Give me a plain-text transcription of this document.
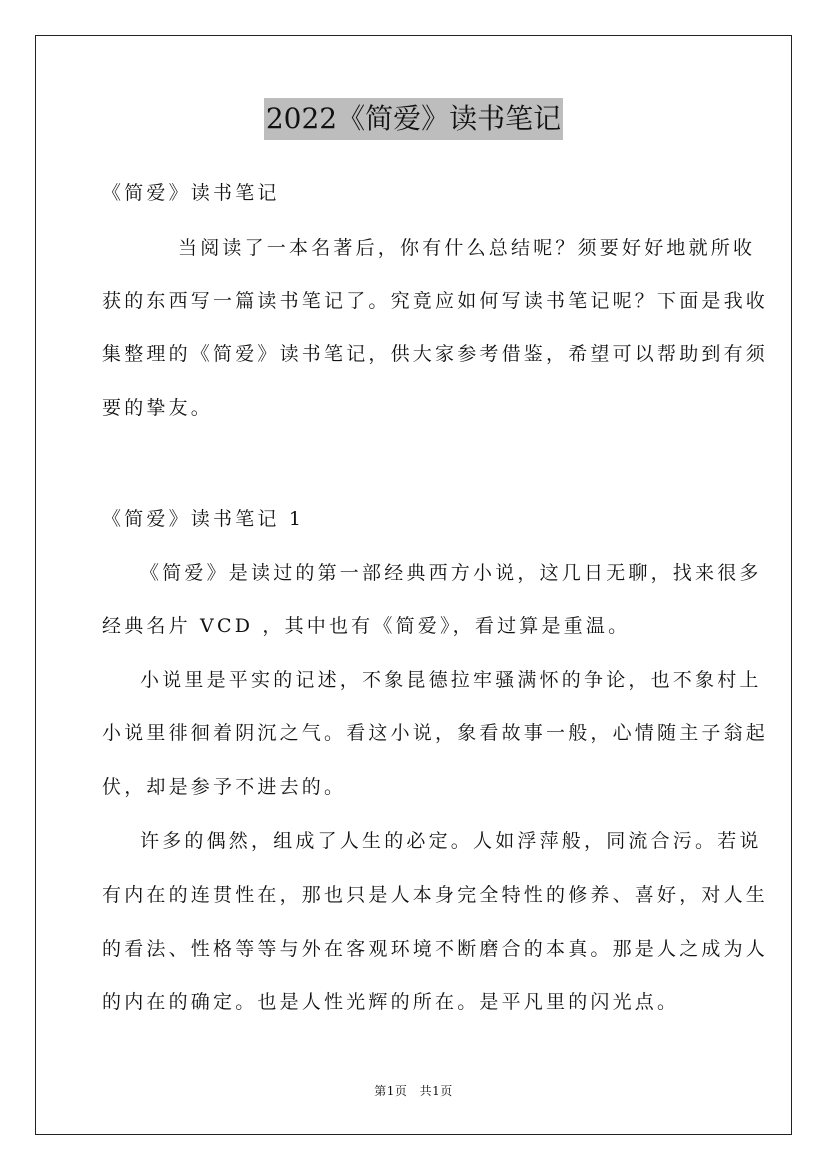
2022《简爱》读书笔记
《简爱》读书笔记
当阅读了一本名著后，你有什么总结呢？须要好好地就所收
获的东西写一篇读书笔记了。究竟应如何写读书笔记呢？下面是我收
集整理的《简爱》读书笔记，供大家参考借鉴，希望可以帮助到有须
要的挚友。
《简爱》读书笔记 1
《简爱》是读过的第一部经典西方小说，这几日无聊，找来很多
经典名片 VCD ，其中也有《简爱》，看过算是重温。
小说里是平实的记述，不象昆德拉牢骚满怀的争论，也不象村上
小说里徘徊着阴沉之气。看这小说，象看故事一般，心情随主子翁起
伏，却是参予不进去的。
许多的偶然，组成了人生的必定。人如浮萍般，同流合污。若说
有内在的连贯性在，那也只是人本身完全特性的修养、喜好，对人生
的看法、性格等等与外在客观环境不断磨合的本真。那是人之成为人
的内在的确定。也是人性光辉的所在。是平凡里的闪光点。
第1页 共1页
